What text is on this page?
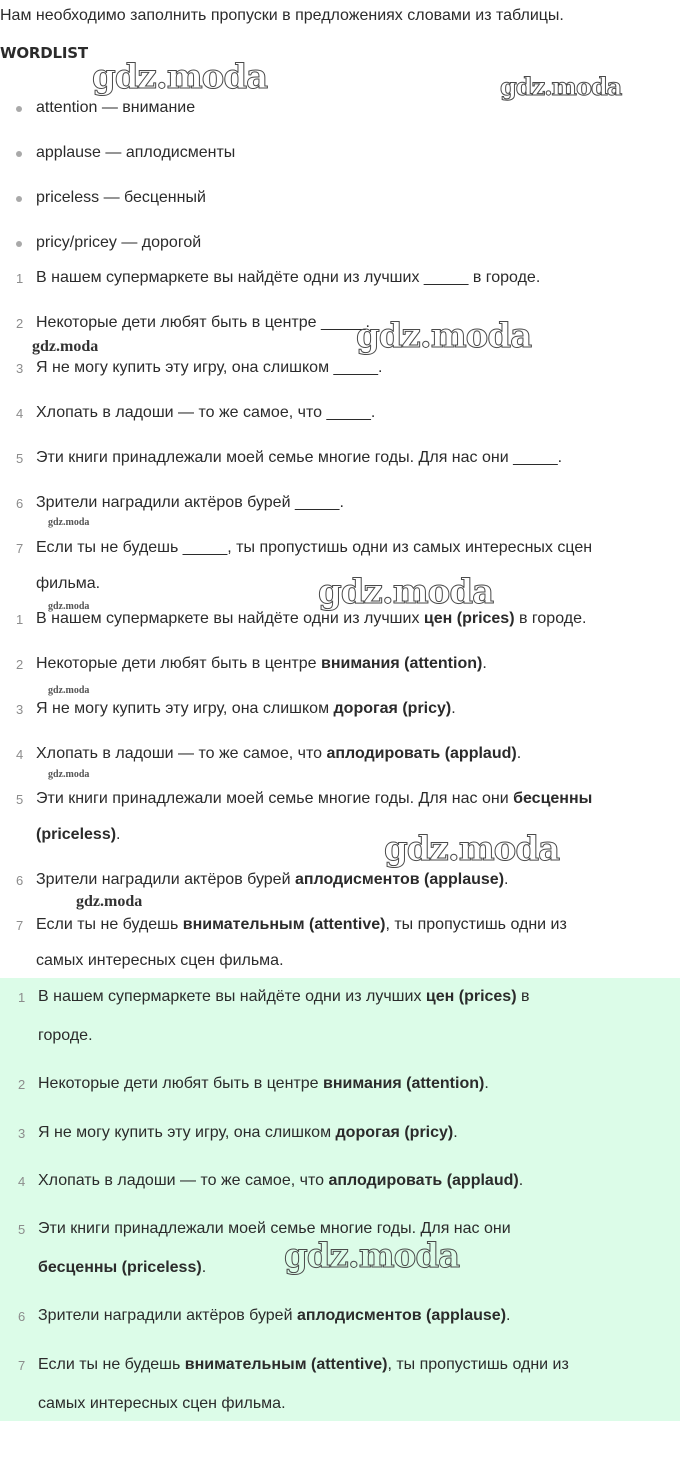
Нам необходимо заполнить пропуски в предложениях словами из таблицы.
WORDLIST
attention — внимание
applause — аплодисменты
priceless — бесценный
pricy/pricey — дорогой
1 В нашем супермаркете вы найдёте одни из лучших _____ в городе.
2 Некоторые дети любят быть в центре _____.
3 Я не могу купить эту игру, она слишком _____.
4 Хлопать в ладоши — то же самое, что _____.
5 Эти книги принадлежали моей семье многие годы. Для нас они _____.
6 Зрители наградили актёров бурей _____.
7 Если ты не будешь _____, ты пропустишь одни из самых интересных сцен
фильма.
1 В нашем супермаркете вы найдёте одни из лучших цен (prices) в городе.
2 Некоторые дети любят быть в центре внимания (attention).
3 Я не могу купить эту игру, она слишком дорогая (pricy).
4 Хлопать в ладоши — то же самое, что аплодировать (applaud).
5 Эти книги принадлежали моей семье многие годы. Для нас они бесценны
(priceless).
6 Зрители наградили актёров бурей аплодисментов (applause).
7 Если ты не будешь внимательным (attentive), ты пропустишь одни из
самых интересных сцен фильма.
1 В нашем супермаркете вы найдёте одни из лучших цен (prices) в
городе.
2 Некоторые дети любят быть в центре внимания (attention).
3 Я не могу купить эту игру, она слишком дорогая (pricy).
4 Хлопать в ладоши — то же самое, что аплодировать (applaud).
5 Эти книги принадлежали моей семье многие годы. Для нас они
бесценны (priceless).
6 Зрители наградили актёров бурей аплодисментов (applause).
7 Если ты не будешь внимательным (attentive), ты пропустишь одни из
самых интересных сцен фильма.
gdz.moda	gdz.moda
gdz.moda
gdz.moda
gdz.moda
gdz.moda
gdz.moda
gdz.moda
gdz.moda
gdz.moda
gdz.moda
gdz.moda
